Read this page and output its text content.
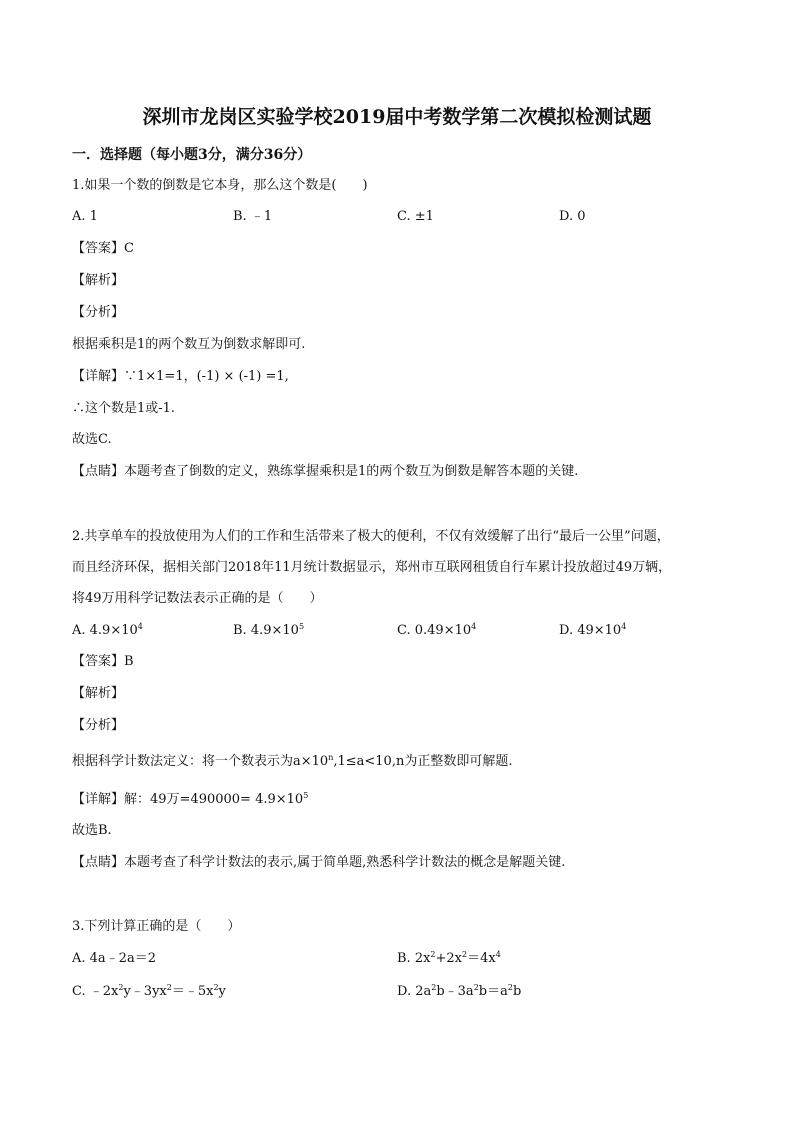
深圳市龙岗区实验学校2019届中考数学第二次模拟检测试题
一．选择题（每小题3分，满分36分）
1.如果一个数的倒数是它本身，那么这个数是(　　)
A. 1	B. ﹣1	C. ±1	D. 0
【答案】C
【解析】
【分析】
根据乘积是1的两个数互为倒数求解即可.
【详解】∵1×1=1，(-1) × (-1) =1,
∴这个数是1或-1.
故选C.
【点睛】本题考查了倒数的定义，熟练掌握乘积是1的两个数互为倒数是解答本题的关键.
2.共享单车的投放使用为人们的工作和生活带来了极大的便利，不仅有效缓解了出行“最后一公里”问题，
而且经济环保，据相关部门2018年11月统计数据显示，郑州市互联网租赁自行车累计投放超过49万辆，
将49万用科学记数法表示正确的是（　　）
A. $4.9\times 10^4$	B. $4.9\times 10^5$	C. $0.49\times 10^4$	D. $49\times 10^4$
【答案】B
【解析】
【分析】
根据科学计数法定义：将一个数表示为$a\times 10^n,1\le a<10,n$为正整数即可解题.
【详解】解：49万$=490000= 4.9\times 10^5$
故选B.
【点睛】本题考查了科学计数法的表示,属于简单题,熟悉科学计数法的概念是解题关键.
3.下列计算正确的是（　　）
A. 4a﹣2a＝2	B. $2x^2+2x^2=4x^4$
C. $﹣2x^2y﹣3yx^2=﹣5x^2y$	D. $2a^2b﹣3a^2b=a^2b$
